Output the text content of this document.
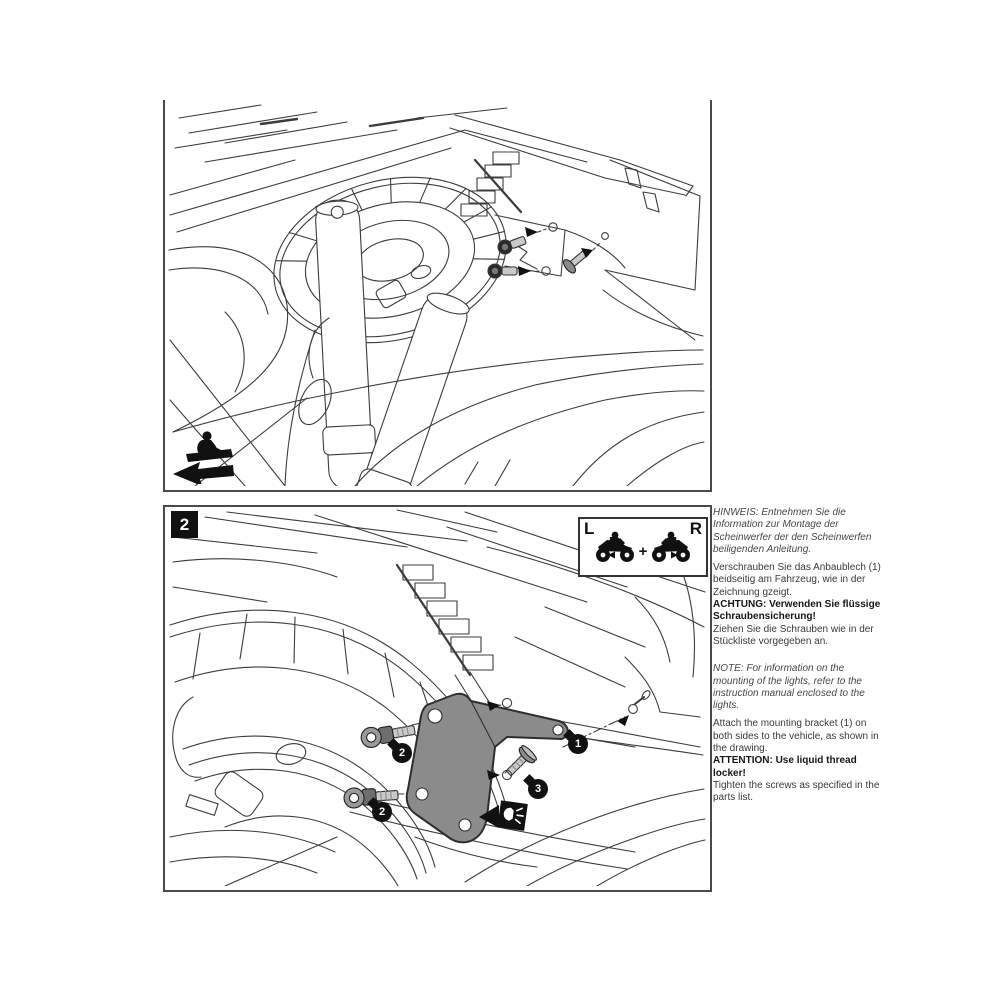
2	L	R
+
1
2
2
3

HINWEIS: Entnehmen Sie die Information zur Montage der Scheinwerfer der den Scheinwerfen beiligenden Anleitung.

Verschrauben Sie das Anbaublech (1) beidseitig am Fahrzeug, wie in der Zeichnung gzeigt.

ACHTUNG: Verwenden Sie flüssige Schraubensicherung!

Ziehen Sie die Schrauben wie in der Stückliste vorgegeben an.

NOTE: For information on the mounting of the lights, refer to the instruction manual enclosed to the lights.

Attach the mounting bracket (1) on both sides to the vehicle, as shown in the drawing.

ATTENTION: Use liquid thread locker!

Tighten the screws as specified in the parts list.
